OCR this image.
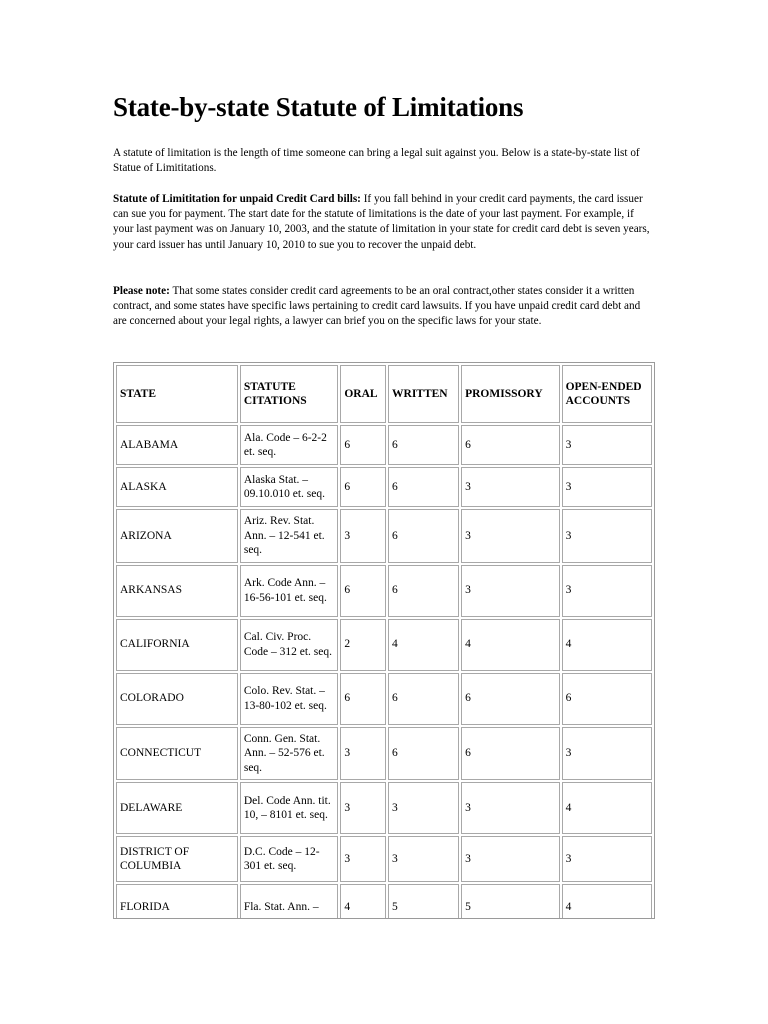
State-by-state Statute of Limitations

A statute of limitation is the length of time someone can bring a legal suit against you. Below is a state-by-state list of Statue of Limititations.

Statute of Limititation for unpaid Credit Card bills: If you fall behind in your credit card payments, the card issuer can sue you for payment. The start date for the statute of limitations is the date of your last payment. For example, if your last payment was on January 10, 2003, and the statute of limitation in your state for credit card debt is seven years, your card issuer has until January 10, 2010 to sue you to recover the unpaid debt.

Please note: That some states consider credit card agreements to be an oral contract,other states consider it a written contract, and some states have specific laws pertaining to credit card lawsuits. If you have unpaid credit card debt and are concerned about your legal rights, a lawyer can brief you on the specific laws for your state.

STATE	STATUTE CITATIONS	ORAL	WRITTEN	PROMISSORY	OPEN-ENDED ACCOUNTS
ALABAMA	Ala. Code – 6-2-2 et. seq.	6	6	6	3
ALASKA	Alaska Stat. – 09.10.010 et. seq.	6	6	3	3
ARIZONA	Ariz. Rev. Stat. Ann. – 12-541 et. seq.	3	6	3	3
ARKANSAS	Ark. Code Ann. – 16-56-101 et. seq.	6	6	3	3
CALIFORNIA	Cal. Civ. Proc. Code – 312 et. seq.	2	4	4	4
COLORADO	Colo. Rev. Stat. – 13-80-102 et. seq.	6	6	6	6
CONNECTICUT	Conn. Gen. Stat. Ann. – 52-576 et. seq.	3	6	6	3
DELAWARE	Del. Code Ann. tit. 10, – 8101 et. seq.	3	3	3	4
DISTRICT OF COLUMBIA	D.C. Code – 12-301 et. seq.	3	3	3	3
FLORIDA	Fla. Stat. Ann. –	4	5	5	4
